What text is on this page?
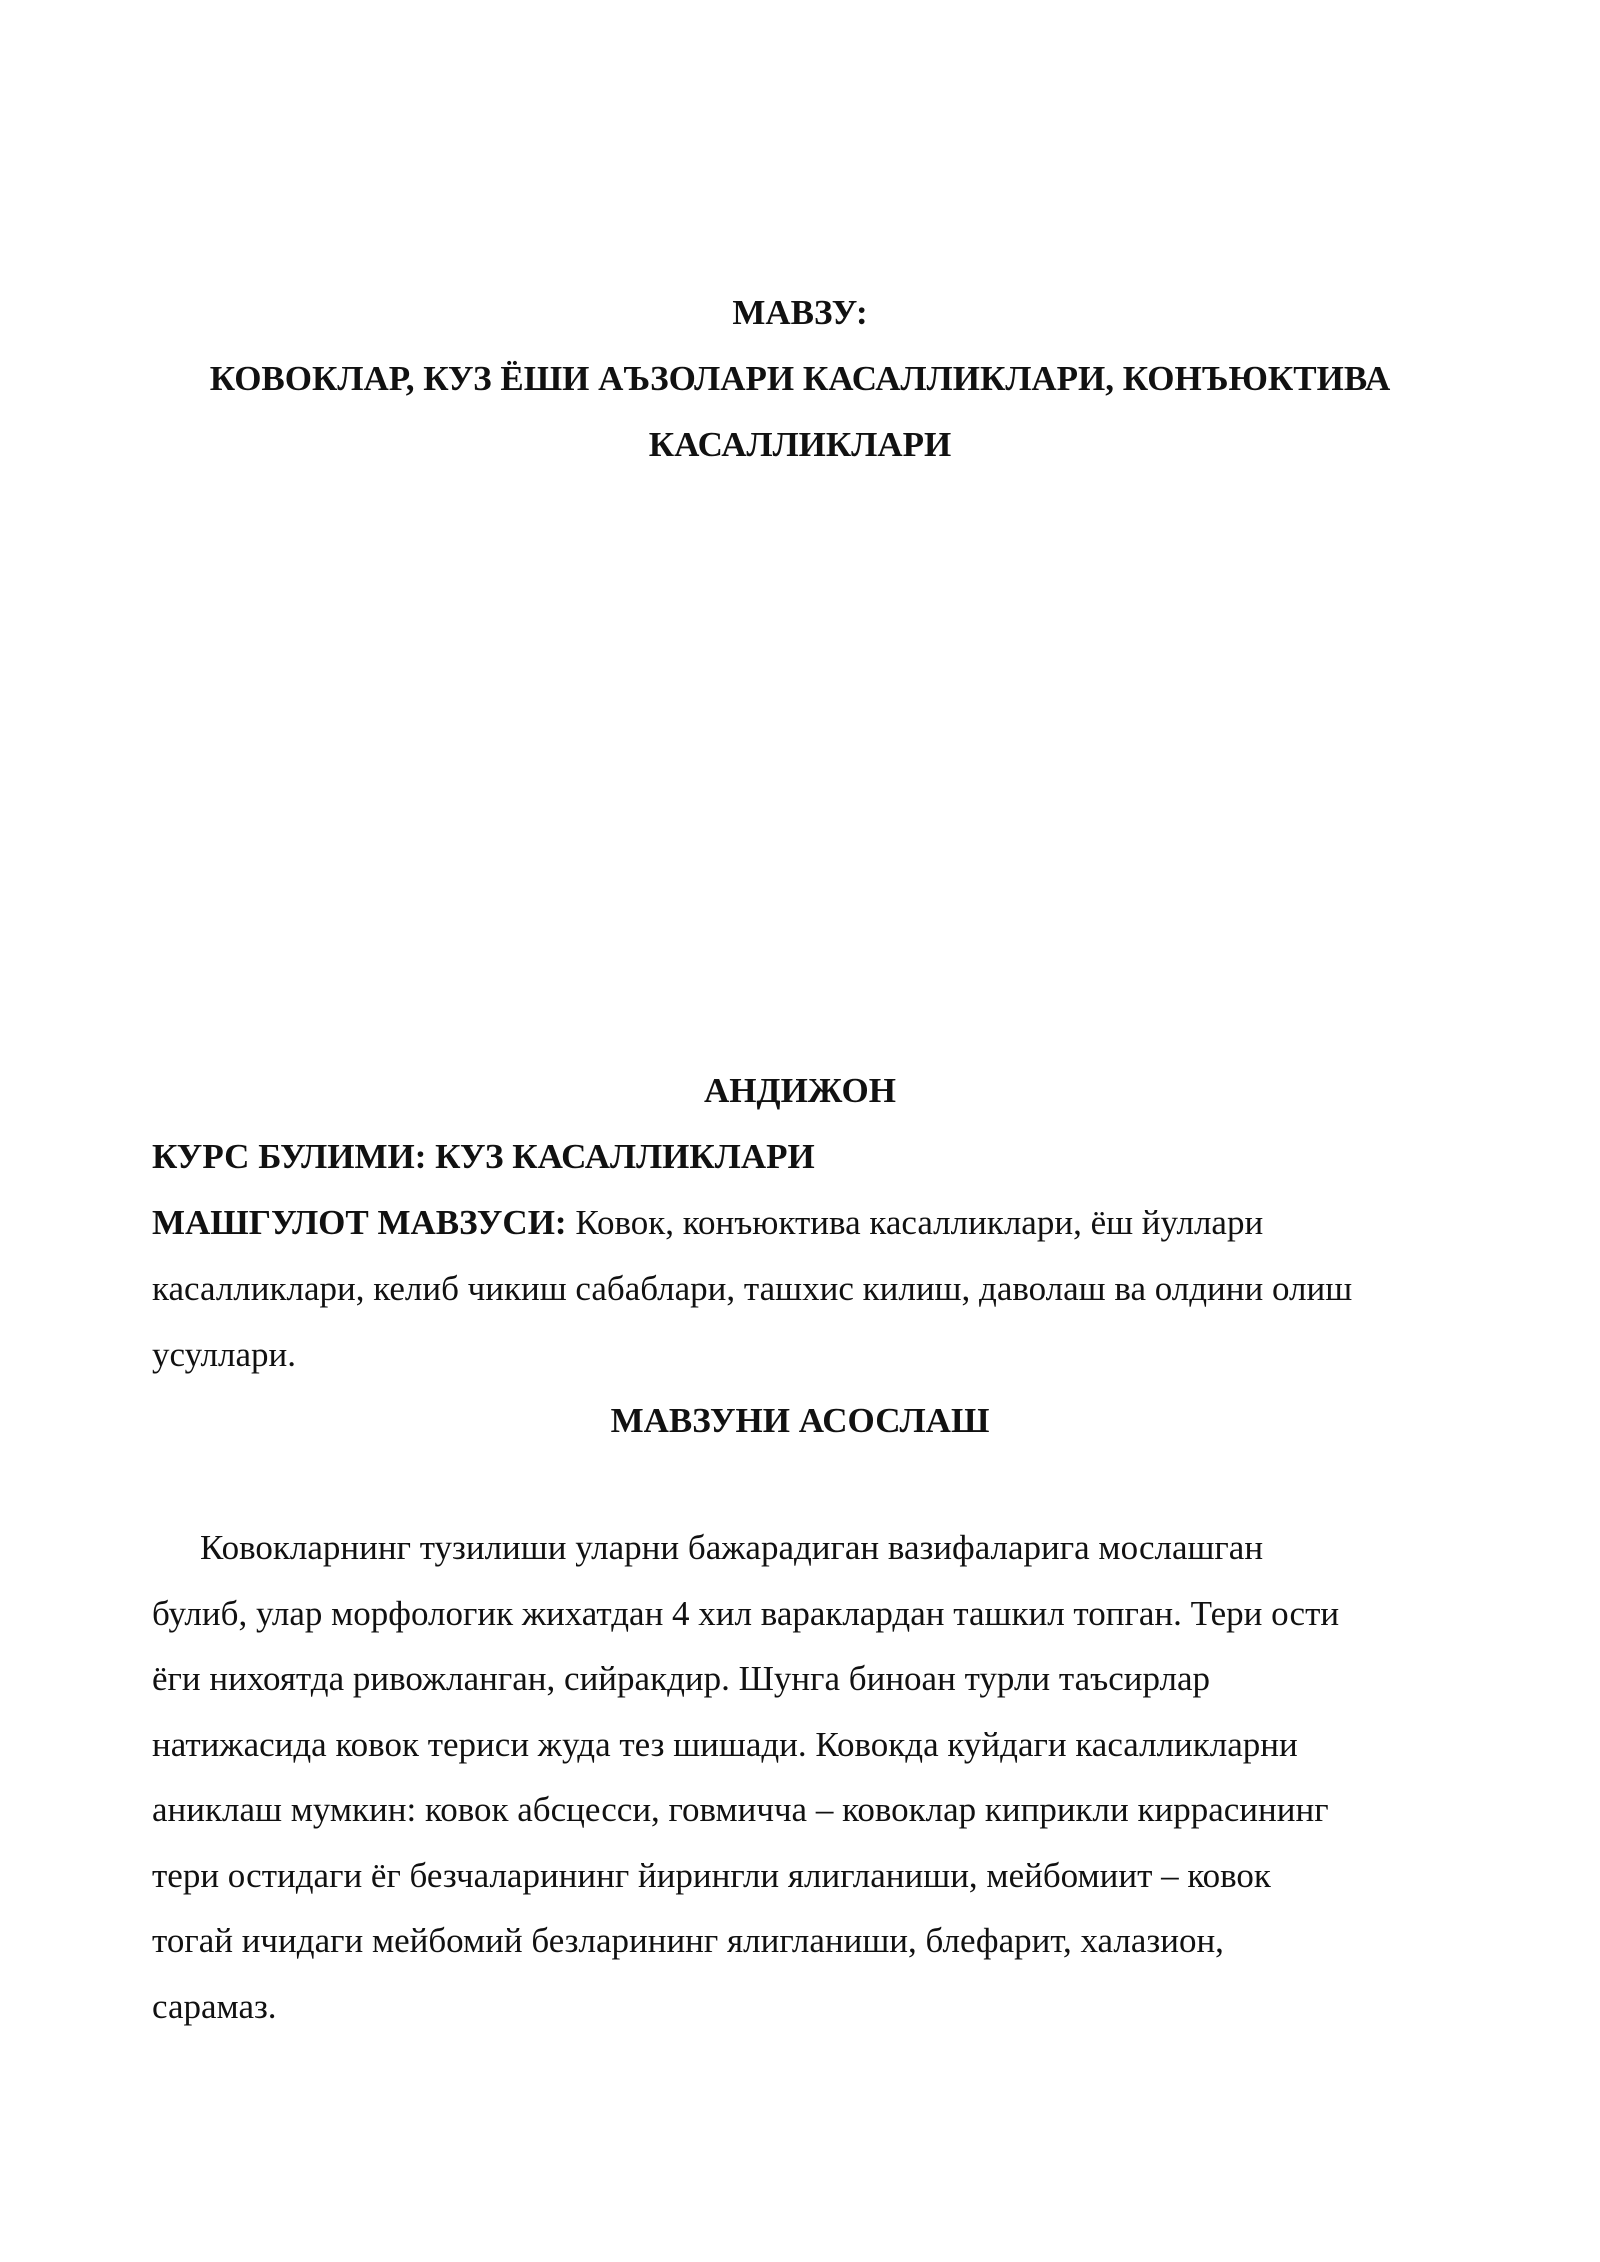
МАВЗУ:
КОВОКЛАР, КУЗ ЁШИ АЪЗОЛАРИ КАСАЛЛИКЛАРИ, КОНЪЮКТИВА
КАСАЛЛИКЛАРИ
АНДИЖОН
КУРС БУЛИМИ: КУЗ КАСАЛЛИКЛАРИ
МАШГУЛОТ МАВЗУСИ: Ковок, конъюктива касалликлари, ёш йуллари
касалликлари, келиб чикиш сабаблари, ташхис килиш, даволаш ва олдини олиш
усуллари.
МАВЗУНИ АСОСЛАШ
Ковокларнинг тузилиши уларни бажарадиган вазифаларига мослашган
булиб, улар морфологик жихатдан 4 хил вараклардан ташкил топган. Тери ости
ёги нихоятда ривожланган, сийракдир. Шунга биноан турли таъсирлар
натижасида ковок териси жуда тез шишади. Ковокда куйдаги касалликларни
аниклаш мумкин: ковок абсцесси, говмичча – ковоклар киприкли киррасининг
тери остидаги ёг безчаларининг йирингли ялигланиши, мейбомиит – ковок
тогай ичидаги мейбомий безларининг ялигланиши, блефарит, халазион,
сарамаз.
